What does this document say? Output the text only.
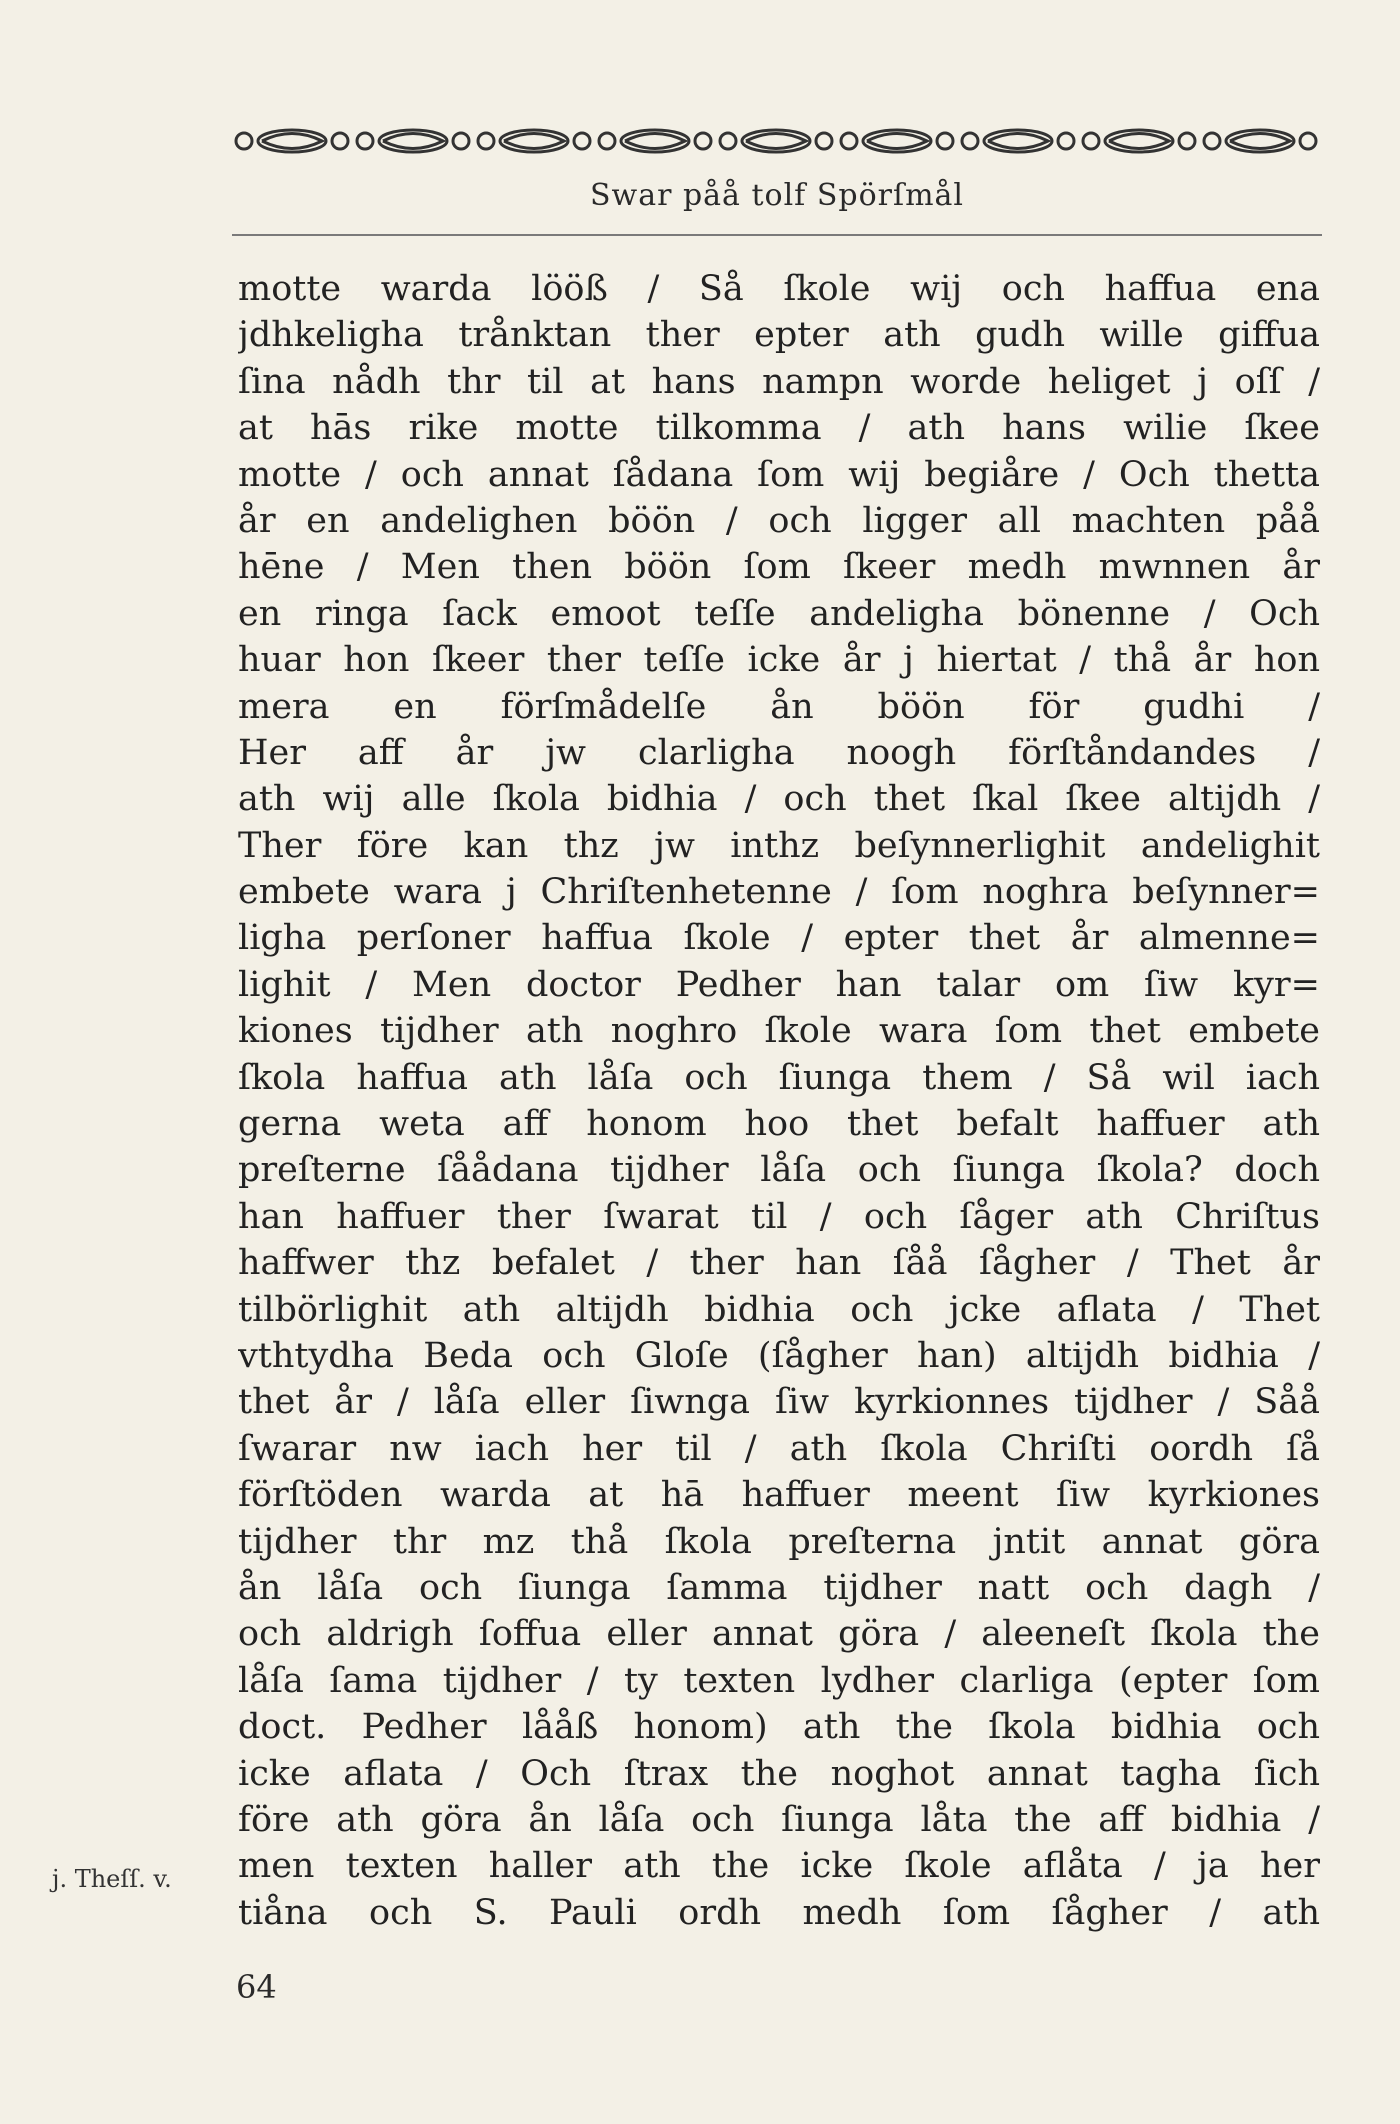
Swar påå tolf Spörſmål
motte warda lööß / Så ſkole wij och haffua ena
jdhkeligha trånktan ther epter ath gudh wille giffua
ſina nådh thr til at hans nampn worde heliget j oſſ /
at hās rike motte tilkomma / ath hans wilie ſkee
motte / och annat ſådana ſom wij begiåre / Och thetta
år en andelighen böön / och ligger all machten påå
hēne / Men then böön ſom ſkeer medh mwnnen år
en ringa ſack emoot teſſe andeligha bönenne / Och
huar hon ſkeer ther teſſe icke år j hiertat / thå år hon
mera en förſmådelſe ån böön för gudhi /
Her aff år jw clarligha noogh förſtåndandes /
ath wij alle ſkola bidhia / och thet ſkal ſkee altijdh /
Ther före kan thz jw inthz beſynnerlighit andelighit
embete wara j Chriſtenhetenne / ſom noghra beſynner=
ligha perſoner haffua ſkole / epter thet år almenne=
lighit / Men doctor Pedher han talar om ſiw kyr=
kiones tijdher ath noghro ſkole wara ſom thet embete
ſkola haffua ath låſa och ſiunga them / Så wil iach
gerna weta aff honom hoo thet befalt haffuer ath
preſterne ſåådana tijdher låſa och ſiunga ſkola? doch
han haffuer ther ſwarat til / och ſåger ath Chriſtus
haffwer thz befalet / ther han ſåå ſågher / Thet år
tilbörlighit ath altijdh bidhia och jcke aflata / Thet
vthtydha Beda och Gloſe (ſågher han) altijdh bidhia /
thet år / låſa eller ſiwnga ſiw kyrkionnes tijdher / Såå
ſwarar nw iach her til / ath ſkola Chriſti oordh ſå
förſtöden warda at hā haffuer meent ſiw kyrkiones
tijdher thr mz thå ſkola preſterna jntit annat göra
ån låſa och ſiunga ſamma tijdher natt och dagh /
och aldrigh ſoffua eller annat göra / aleeneſt ſkola the
låſa ſama tijdher / ty texten lydher clarliga (epter ſom
doct. Pedher lååß honom) ath the ſkola bidhia och
icke aflata / Och ſtrax the noghot annat tagha ſich
före ath göra ån låſa och ſiunga låta the aff bidhia /
men texten haller ath the icke ſkole aflåta / ja her
tiåna och S. Pauli ordh medh ſom ſågher / ath
j. Theſſ. v.
64
